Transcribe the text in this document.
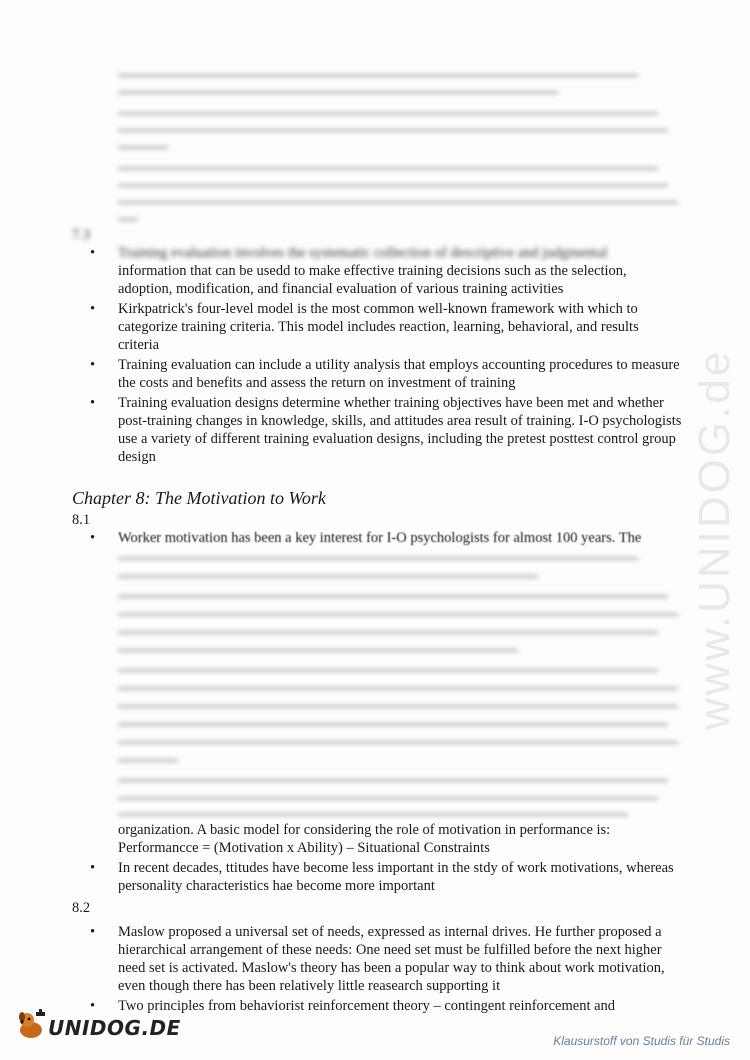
7.3
• Training evaluation involves the systematic collection of descriptive and judgmental
information that can be usedd to make effective training decisions such as the selection, adoption, modification, and financial evaluation of various training activities
• Kirkpatrick's four-level model is the most common well-known framework with which to categorize training criteria. This model includes reaction, learning, behavioral, and results criteria
• Training evaluation can include a utility analysis that employs accounting procedures to measure the costs and benefits and assess the return on investment of training
• Training evaluation designs determine whether training objectives have been met and whether post-training changes in knowledge, skills, and attitudes area result of training. I-O psychologists use a variety of different training evaluation designs, including the pretest posttest control group design
Chapter 8: The Motivation to Work
8.1
• Worker motivation has been a key interest for I-O psychologists for almost 100 years. The
organization. A basic model for considering the role of motivation in performance is: Performancce = (Motivation x Ability) – Situational Constraints
• In recent decades, ttitudes have become less important in the stdy of work motivations, whereas personality characteristics hae become more important
8.2
• Maslow proposed a universal set of needs, expressed as internal drives. He further proposed a hierarchical arrangement of these needs: One need set must be fulfilled before the next higher need set is activated. Maslow's theory has been a popular way to think about work motivation, even though there has been relatively little reasearch supporting it
• Two principles from behaviorist reinforcement theory – contingent reinforcement and
www.UNIDOG.de
UNIDOG.DE
Klausurstoff von Studis für Studis
